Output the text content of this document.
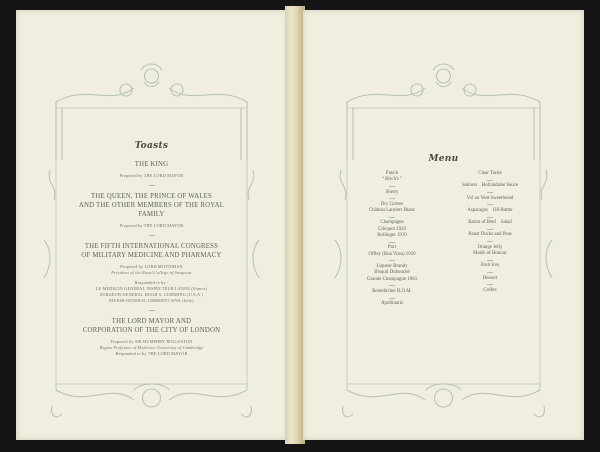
Toasts
THE KING
Proposed by THE LORD MAYOR
THE QUEEN, THE PRINCE OF WALES
AND THE OTHER MEMBERS OF THE ROYAL FAMILY
Proposed by THE LORD MAYOR
THE FIFTH INTERNATIONAL CONGRESS
OF MILITARY MEDICINE AND PHARMACY
Proposed by LORD MOYNIHAN
President of the Royal College of Surgeons
Responded to by :
LE MEDECIN GENERAL INSPECTEUR LANNE (France)
SURGEON-GENERAL HUGH S. CUMMING (U.S.A.)
MAJOR-GENERAL UMBERTO SIVA (Italy)
THE LORD MAYOR AND
CORPORATION OF THE CITY OF LONDON
Proposed by SIR HUMPHRY ROLLESTON
Regius Professor of Medicine, University of Cambridge
Responded to by THE LORD MAYOR
Menu
Punch
“ Birch's ”
Sherry
Dry Graves
Château Lauriers Blanc
Champagne
Clicquot 1920
Bollinger 1919
Port
Offley (Boa Vista) 1910
Liqueur Brandy
Bisquit Dubouché
Grande Champagne 1863
Benedictine D.O.M.
Apollinaris
Clear Turtle
Salmon    Hollandaise Sauce
Vol au Vent Sweetbread
Asparagus    Oil Butter
Baron of Beef    Salad
Roast Ducks and Peas
Orange Jelly
Maids of Honour
Fruit Ices
Dessert
Coffee
